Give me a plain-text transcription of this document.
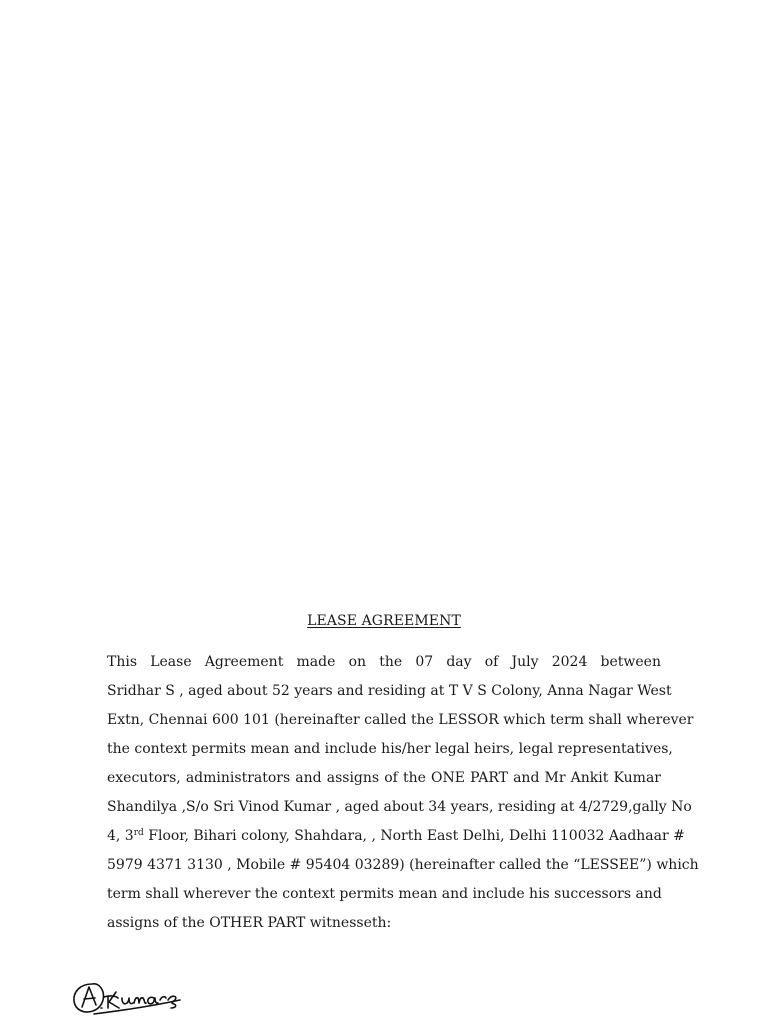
LEASE AGREEMENT
This Lease Agreement made on the 07 day of July 2024 between
Sridhar S , aged about 52 years and residing at T V S Colony, Anna Nagar West
Extn, Chennai 600 101 (hereinafter called the LESSOR which term shall wherever
the context permits mean and include his/her legal heirs, legal representatives,
executors, administrators and assigns of the ONE PART and Mr Ankit Kumar
Shandilya ,S/o Sri Vinod Kumar , aged about 34 years, residing at 4/2729,gally No
4, 3rd Floor, Bihari colony, Shahdara, , North East Delhi, Delhi 110032 Aadhaar #
5979 4371 3130 , Mobile # 95404 03289) (hereinafter called the “LESSEE”) which
term shall wherever the context permits mean and include his successors and
assigns of the OTHER PART witnesseth:
